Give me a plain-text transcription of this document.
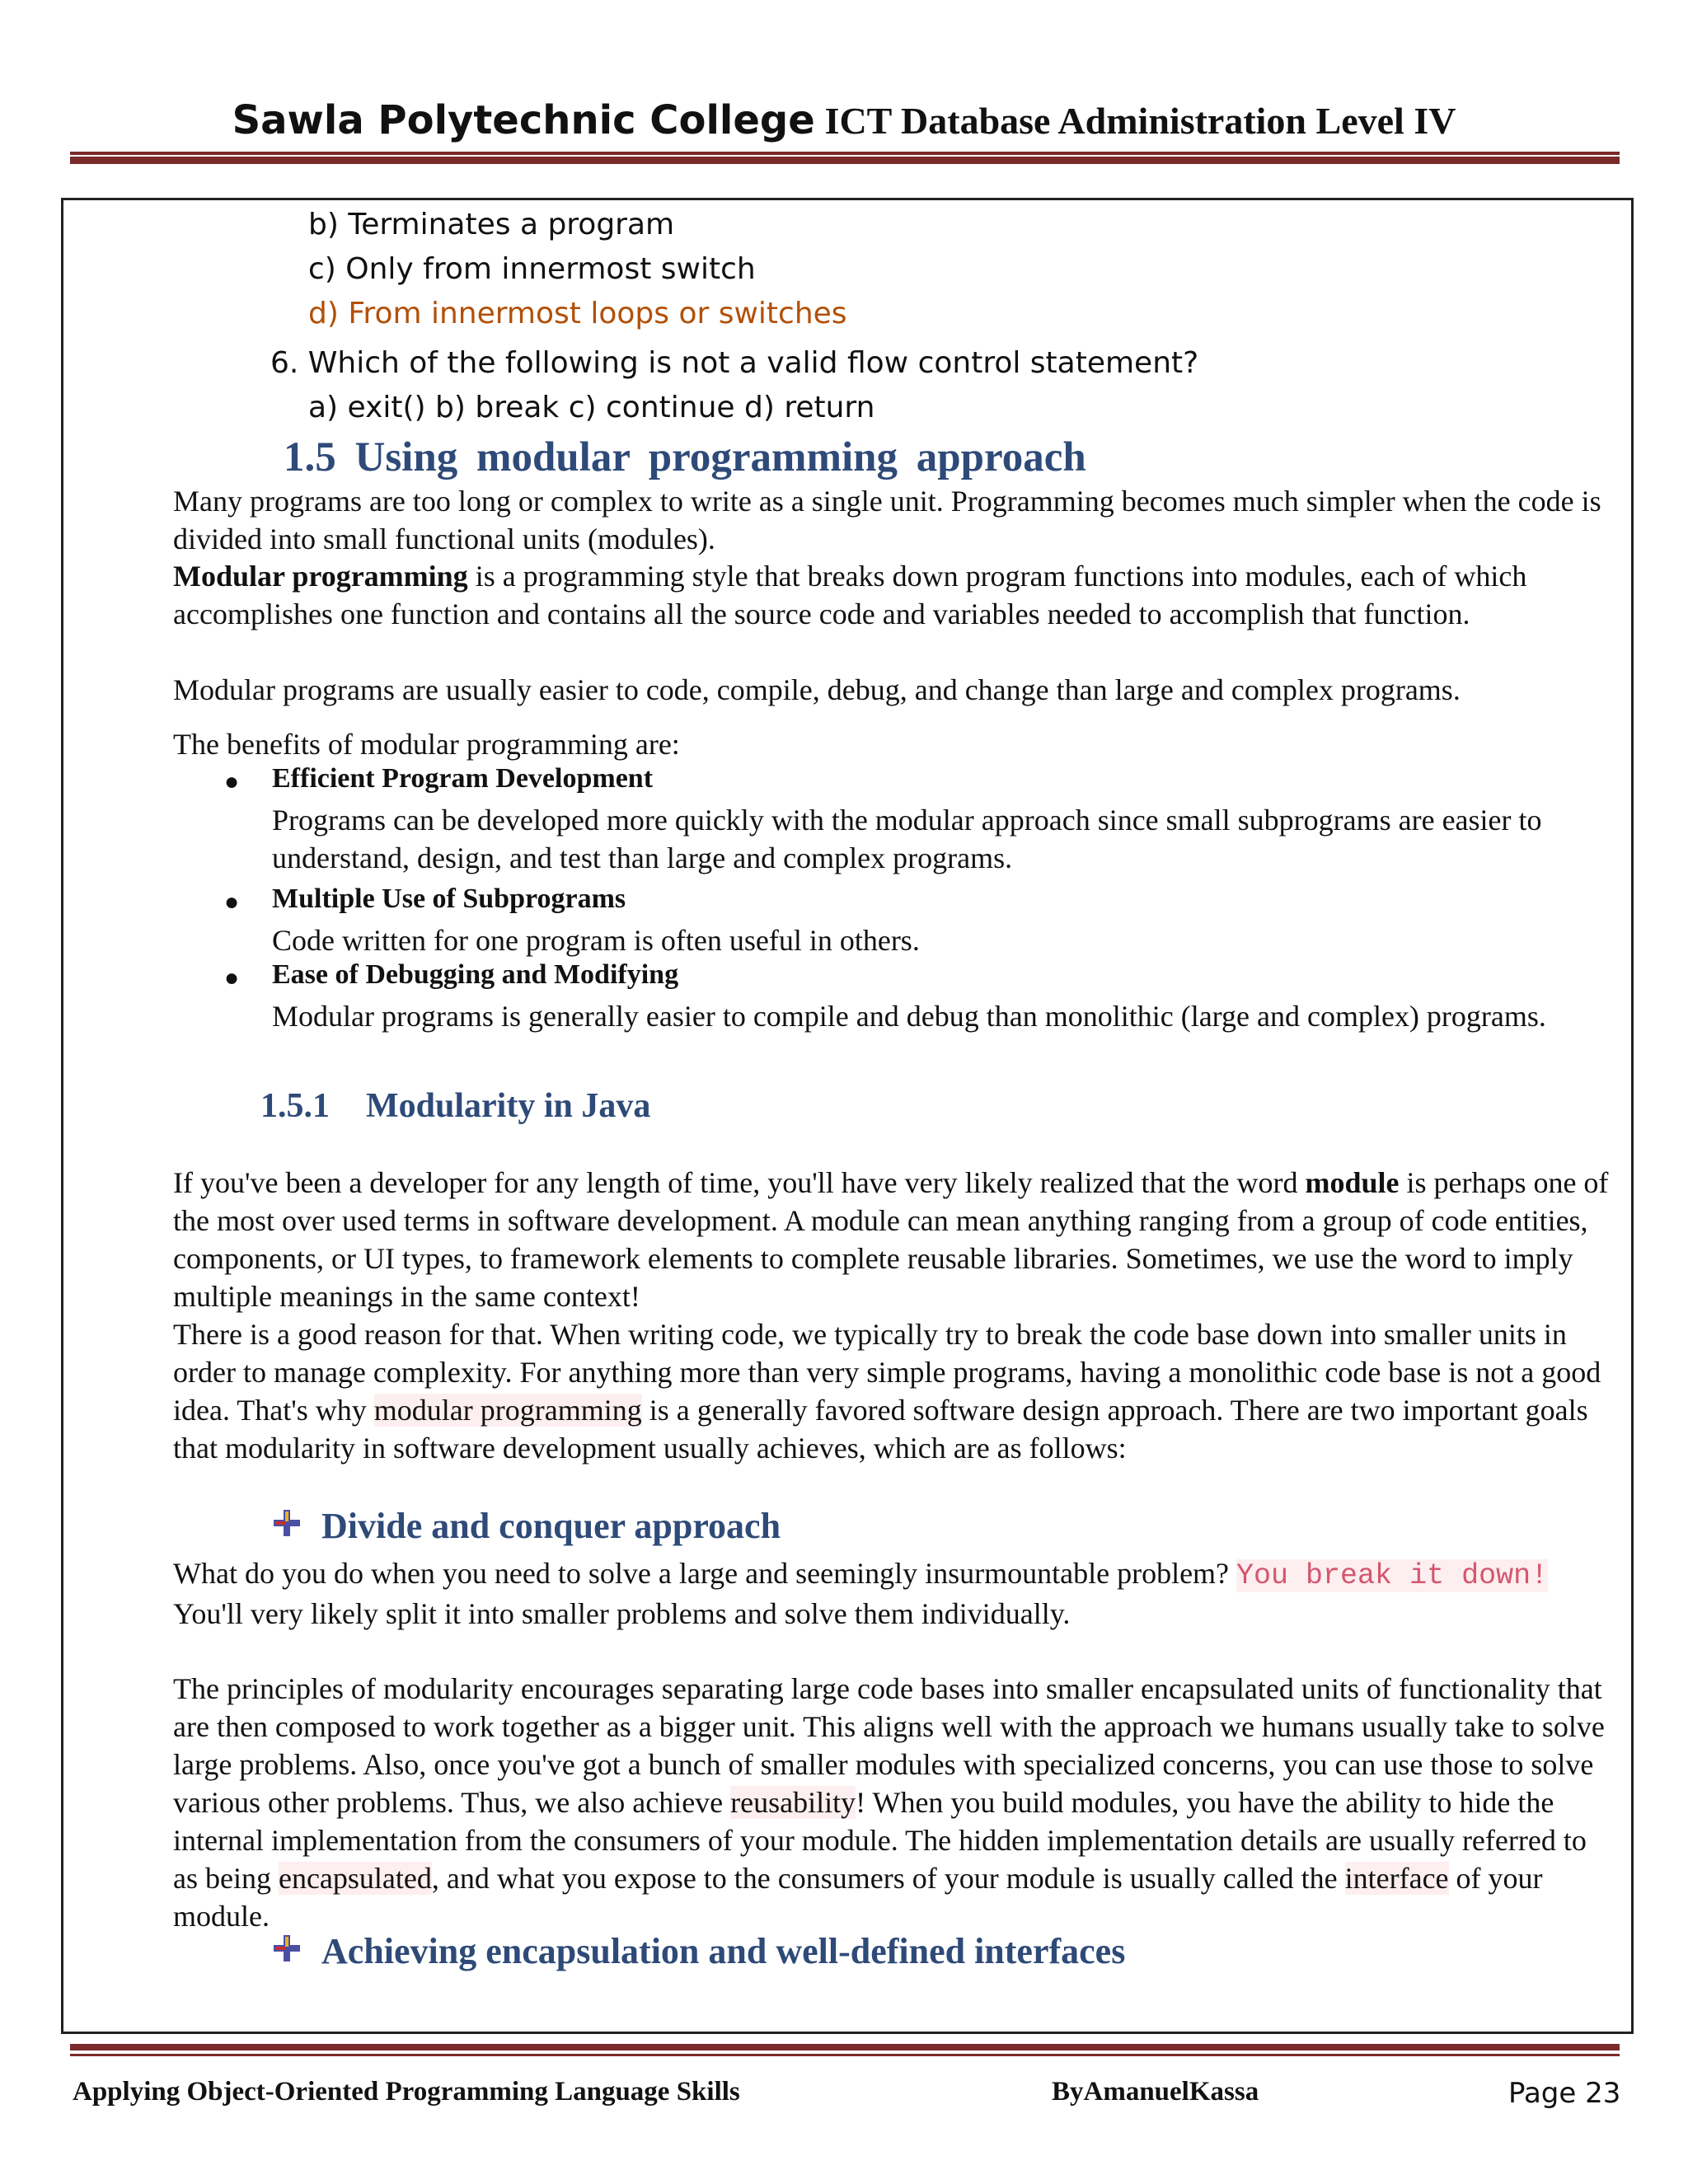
Sawla Polytechnic College ICT Database Administration Level IV
b) Terminates a program
c) Only from innermost switch
d) From innermost loops or switches
6. Which of the following is not a valid flow control statement?
a) exit() b) break c) continue d) return
1.5 Using modular programming approach
Many programs are too long or complex to write as a single unit. Programming becomes much simpler when the code is divided into small functional units (modules).
Modular programming is a programming style that breaks down program functions into modules, each of which accomplishes one function and contains all the source code and variables needed to accomplish that function.
Modular programs are usually easier to code, compile, debug, and change than large and complex programs.
The benefits of modular programming are:
● Efficient Program Development
Programs can be developed more quickly with the modular approach since small subprograms are easier to understand, design, and test than large and complex programs.
● Multiple Use of Subprograms
Code written for one program is often useful in others.
● Ease of Debugging and Modifying
Modular programs is generally easier to compile and debug than monolithic (large and complex) programs.
1.5.1 Modularity in Java
If you've been a developer for any length of time, you'll have very likely realized that the word module is perhaps one of the most over used terms in software development. A module can mean anything ranging from a group of code entities, components, or UI types, to framework elements to complete reusable libraries. Sometimes, we use the word to imply multiple meanings in the same context!
There is a good reason for that. When writing code, we typically try to break the code base down into smaller units in order to manage complexity. For anything more than very simple programs, having a monolithic code base is not a good idea. That's why modular programming is a generally favored software design approach. There are two important goals that modularity in software development usually achieves, which are as follows:
Divide and conquer approach
What do you do when you need to solve a large and seemingly insurmountable problem? You break it down! You'll very likely split it into smaller problems and solve them individually.
The principles of modularity encourages separating large code bases into smaller encapsulated units of functionality that are then composed to work together as a bigger unit. This aligns well with the approach we humans usually take to solve large problems. Also, once you've got a bunch of smaller modules with specialized concerns, you can use those to solve various other problems. Thus, we also achieve reusability! When you build modules, you have the ability to hide the internal implementation from the consumers of your module. The hidden implementation details are usually referred to as being encapsulated, and what you expose to the consumers of your module is usually called the interface of your module.
Achieving encapsulation and well-defined interfaces
Applying Object-Oriented Programming Language Skills	ByAmanuelKassa	Page 23
